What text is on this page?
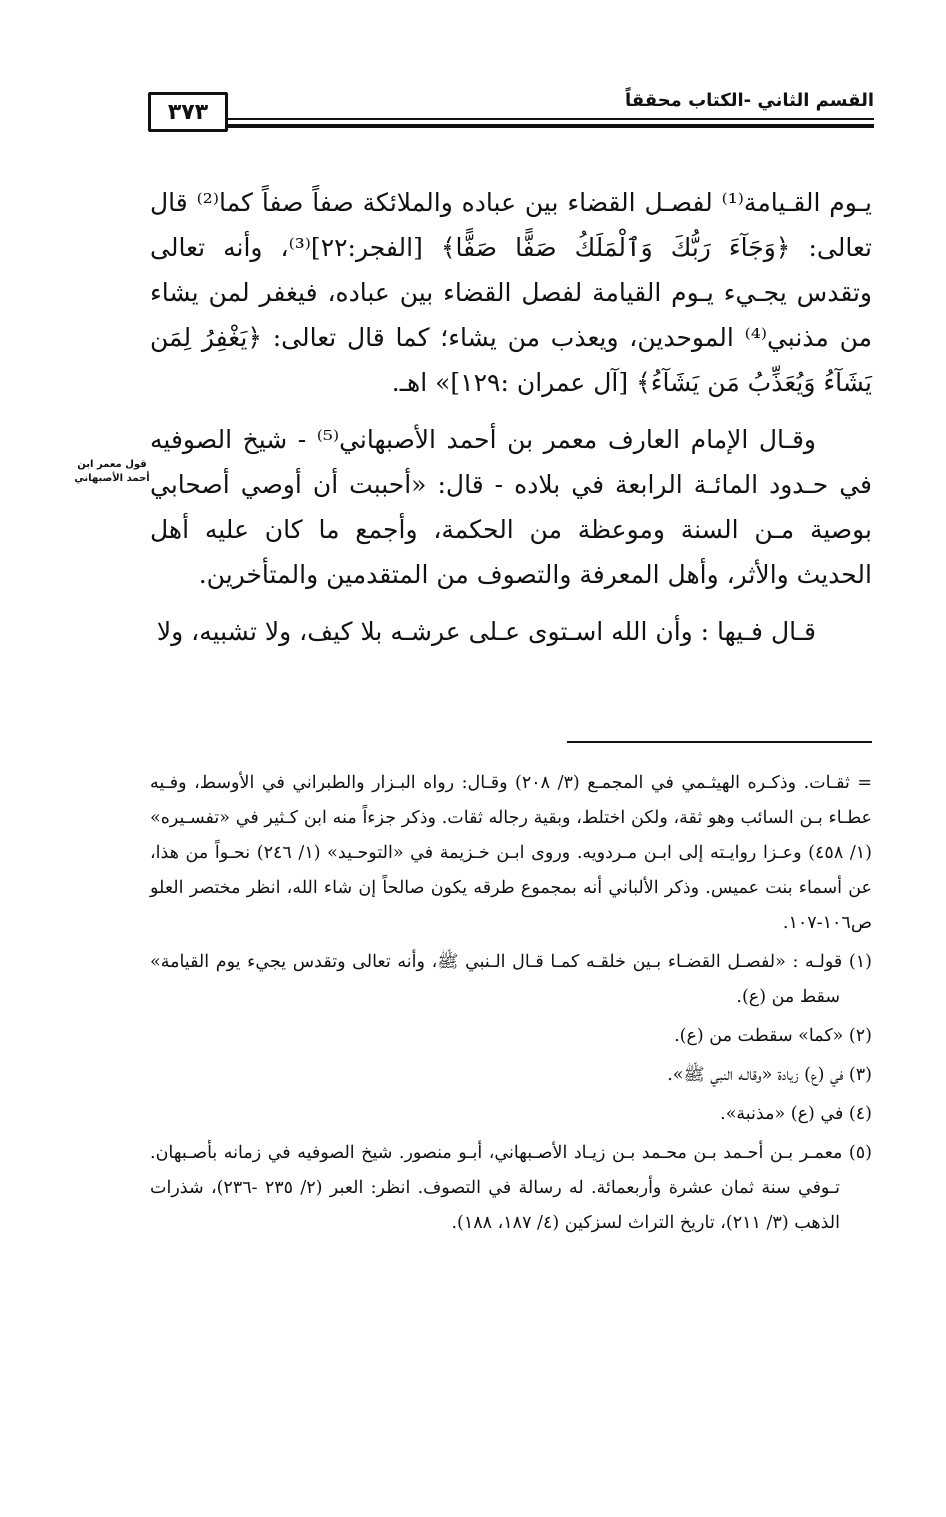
٣٧٣	القسم الثاني -الكتاب محققاً
قول معمر ابن أحمد الأصبهاني

يـوم القـيامة⁽¹⁾ لفصـل القضاء بين عباده والملائكة صفاً صفاً كما⁽²⁾ قال تعالى: ﴿وَجَآءَ رَبُّكَ وَٱلْمَلَكُ صَفًّا صَفًّا﴾ [الفجر:٢٢]⁽³⁾، وأنه تعالى وتقدس يجـيء يـوم القيامة لفصل القضاء بين عباده، فيغفر لمن يشاء من مذنبي⁽⁴⁾ الموحدين، ويعذب من يشاء؛ كما قال تعالى: ﴿يَغْفِرُ لِمَن يَشَآءُ وَيُعَذِّبُ مَن يَشَآءُ﴾ [آل عمران :١٢٩]» اهـ.

وقـال الإمام العارف معمر بن أحمد الأصبهاني⁽⁵⁾ - شيخ الصوفيه في حـدود المائـة الرابعة في بلاده - قال: «أحببت أن أوصي أصحابي بوصية مـن السنة وموعظة من الحكمة، وأجمع ما كان عليه أهل الحديث والأثر، وأهل المعرفة والتصوف من المتقدمين والمتأخرين.

قـال فـيها : وأن الله اسـتوى عـلى عرشـه بلا كيف، ولا تشبيه، ولا

= ثقـات. وذكـره الهيثـمي في المجمـع (٣/ ٢٠٨) وقـال: رواه البـزار والطبراني في الأوسط، وفـيه عطـاء بـن السائب وهو ثقة، ولكن اختلط، وبقية رجاله ثقات. وذكر جزءاً منه ابن كـثير في «تفسـيره» (١/ ٤٥٨) وعـزا روايـته إلى ابـن مـردويه. وروى ابـن خـزيمة في «التوحـيد» (١/ ٢٤٦) نحـواً من هذا، عن أسماء بنت عميس. وذكر الألباني أنه بمجموع طرقه يكون صالحاً إن شاء الله، انظر مختصر العلو ص١٠٦-١٠٧.

(١) قولـه : «لفصـل القضـاء بـين خلقـه كمـا قـال الـنبي ﷺ، وأنه تعالى وتقدس يجيء يوم القيامة» سقط من (ع).

(٢) «كما» سقطت من (ع).

(٣) في (ع) زيادة «وقالـه النبي ﷺ».

(٤) في (ع) «مذنبة».

(٥) معمـر بـن أحـمد بـن محـمد بـن زيـاد الأصـبهاني، أبـو منصور. شيخ الصوفيه في زمانه بأصـبهان. تـوفي سنة ثمان عشرة وأربعمائة. له رسالة في التصوف. انظر: العبر (٢/ ٢٣٥ -٢٣٦)، شذرات الذهب (٣/ ٢١١)، تاريخ التراث لسزكين (٤/ ١٨٧، ١٨٨).
